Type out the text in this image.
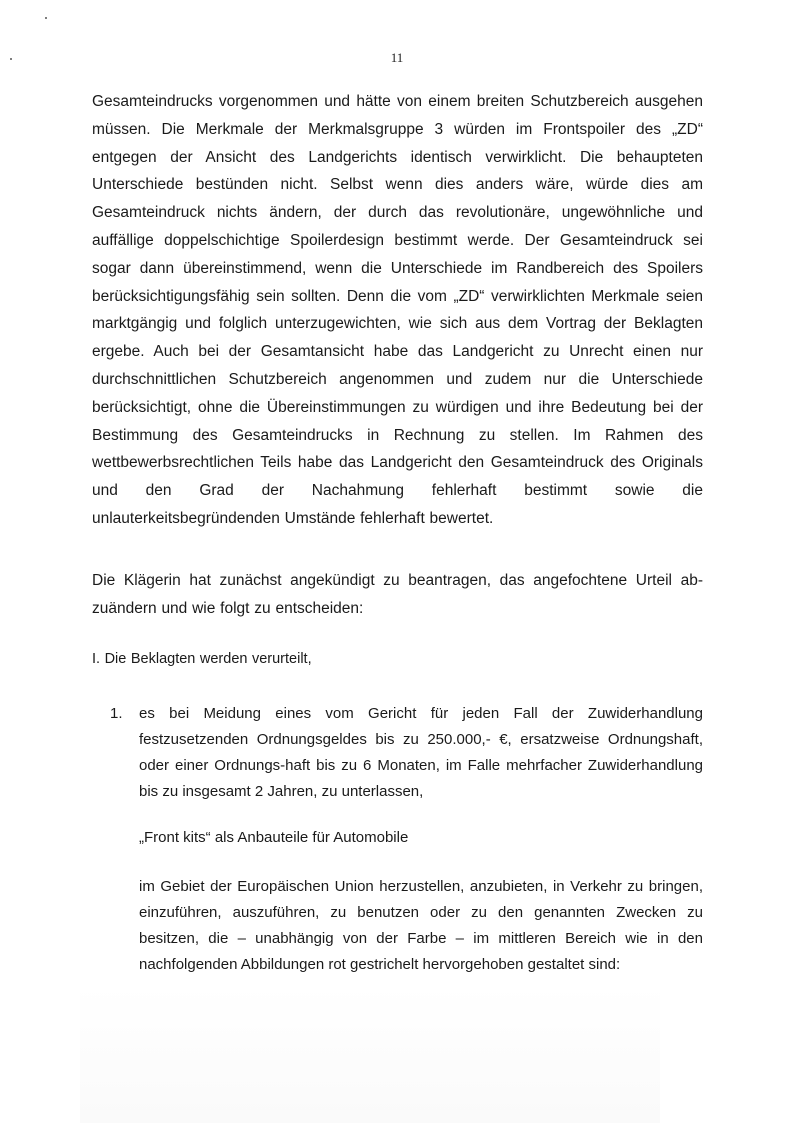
11

Gesamteindrucks vorgenommen und hätte von einem breiten Schutzbereich ausgehen müssen. Die Merkmale der Merkmalsgruppe 3 würden im Frontspoiler des „ZD“ entgegen der Ansicht des Landgerichts identisch verwirklicht. Die behaupteten Unterschiede bestünden nicht. Selbst wenn dies anders wäre, würde dies am Gesamteindruck nichts ändern, der durch das revolutionäre, ungewöhnliche und auffällige doppelschichtige Spoilerdesign bestimmt werde. Der Gesamteindruck sei sogar dann übereinstimmend, wenn die Unterschiede im Randbereich des Spoilers berücksichtigungsfähig sein sollten. Denn die vom „ZD“ verwirklichten Merkmale seien marktgängig und folglich unterzugewichten, wie sich aus dem Vortrag der Beklagten ergebe. Auch bei der Gesamtansicht habe das Landgericht zu Unrecht einen nur durchschnittlichen Schutzbereich angenommen und zudem nur die Unterschiede berücksichtigt, ohne die Übereinstimmungen zu würdigen und ihre Bedeutung bei der Bestimmung des Gesamteindrucks in Rechnung zu stellen. Im Rahmen des wettbewerbsrechtlichen Teils habe das Landgericht den Gesamteindruck des Originals und den Grad der Nachahmung fehlerhaft bestimmt sowie die unlauterkeitsbegründenden Umstände fehlerhaft bewertet.

Die Klägerin hat zunächst angekündigt zu beantragen, das angefochtene Urteil abzuändern und wie folgt zu entscheiden:

I. Die Beklagten werden verurteilt,

1. es bei Meidung eines vom Gericht für jeden Fall der Zuwiderhandlung festzusetzenden Ordnungsgeldes bis zu 250.000,- €, ersatzweise Ordnungshaft, oder einer Ordnungs-haft bis zu 6 Monaten, im Falle mehrfacher Zuwiderhandlung bis zu insgesamt 2 Jahren, zu unterlassen,

„Front kits“ als Anbauteile für Automobile

im Gebiet der Europäischen Union herzustellen, anzubieten, in Verkehr zu bringen, einzuführen, auszuführen, zu benutzen oder zu den genannten Zwecken zu besitzen, die – unabhängig von der Farbe – im mittleren Bereich wie in den nachfolgenden Abbildungen rot gestrichelt hervorgehoben gestaltet sind:
